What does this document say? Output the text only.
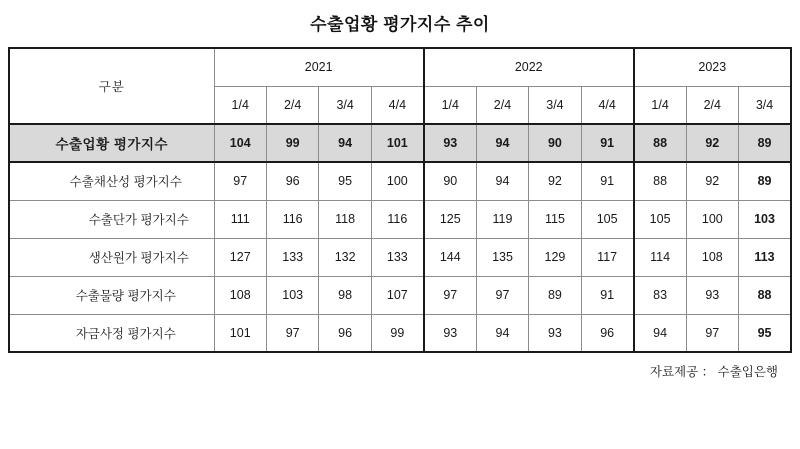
수출업황 평가지수 추이
구분	2021				2022				2023		
	1/4	2/4	3/4	4/4	1/4	2/4	3/4	4/4	1/4	2/4	3/4
수출업황 평가지수	104	99	94	101	93	94	90	91	88	92	89
수출채산성 평가지수	97	96	95	100	90	94	92	91	88	92	89
수출단가 평가지수	111	116	118	116	125	119	115	105	105	100	103
생산원가 평가지수	127	133	132	133	144	135	129	117	114	108	113
수출물량 평가지수	108	103	98	107	97	97	89	91	83	93	88
자금사정 평가지수	101	97	96	99	93	94	93	96	94	97	95
자료제공 ： 수출입은행
